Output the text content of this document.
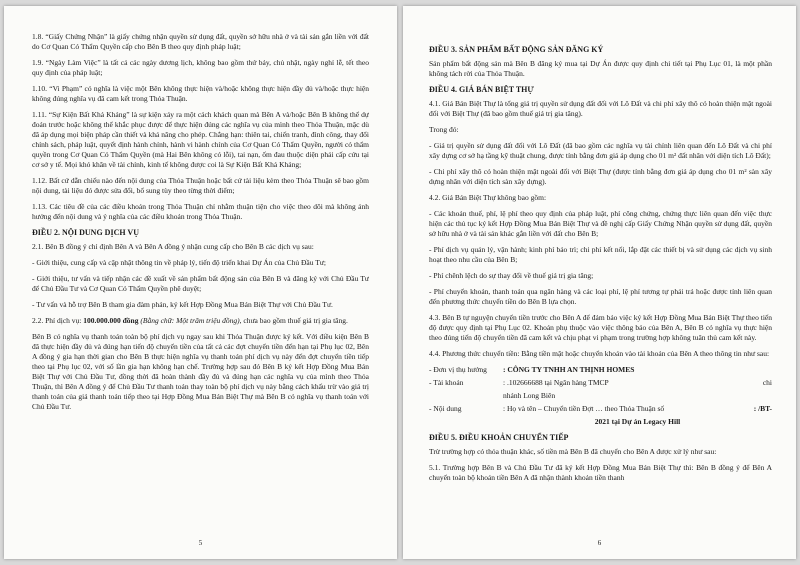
1.8. “Giấy Chứng Nhận” là giấy chứng nhận quyền sử dụng đất, quyền sở hữu nhà ở và tài sản gắn liền với đất do Cơ Quan Có Thẩm Quyền cấp cho Bên B theo quy định pháp luật;

1.9. “Ngày Làm Việc” là tất cả các ngày dương lịch, không bao gồm thứ bảy, chủ nhật, ngày nghỉ lễ, tết theo quy định của pháp luật;

1.10. “Vi Phạm” có nghĩa là việc một Bên không thực hiện và/hoặc không thực hiện đầy đủ và/hoặc thực hiện không đúng nghĩa vụ đã cam kết trong Thỏa Thuận.

1.11. “Sự Kiện Bất Khả Kháng” là sự kiện xảy ra một cách khách quan mà Bên A và/hoặc Bên B không thể dự đoán trước hoặc không thể khắc phục được để thực hiện đúng các nghĩa vụ của mình theo Thỏa Thuận, mặc dù đã áp dụng mọi biện pháp cần thiết và khả năng cho phép. Chẳng hạn: thiên tai, chiến tranh, đình công, thay đổi chính sách, pháp luật, quyết định hành chính, hành vi hành chính của Cơ Quan Có Thẩm Quyền, người có thẩm quyền trong Cơ Quan Có Thẩm Quyền (mà Hai Bên không có lỗi), tai nạn, ốm đau thuộc diện phải cấp cứu tại cơ sở y tế. Mọi khó khăn về tài chính, kinh tế không được coi là Sự Kiện Bất Khả Kháng;

1.12. Bất cứ dẫn chiếu nào đến nội dung của Thỏa Thuận hoặc bất cứ tài liệu kèm theo Thỏa Thuận sẽ bao gồm nội dung, tài liệu đó được sửa đổi, bổ sung tùy theo từng thời điểm;

1.13. Các tiêu đề của các điều khoản trong Thỏa Thuận chỉ nhằm thuận tiện cho việc theo dõi mà không ảnh hưởng đến nội dung và ý nghĩa của các điều khoản trong Thỏa Thuận.

ĐIỀU 2. NỘI DUNG DỊCH VỤ

2.1. Bên B đồng ý chỉ định Bên A và Bên A đồng ý nhận cung cấp cho Bên B các dịch vụ sau:

- Giới thiệu, cung cấp và cập nhật thông tin về pháp lý, tiến độ triển khai Dự Án của Chủ Đầu Tư;

- Giới thiệu, tư vấn và tiếp nhận các đề xuất về sản phẩm bất động sản của Bên B và đăng ký với Chủ Đầu Tư để Chủ Đầu Tư và Cơ Quan Có Thẩm Quyền phê duyệt;

- Tư vấn và hỗ trợ Bên B tham gia đàm phán, ký kết Hợp Đồng Mua Bán Biệt Thự với Chủ Đầu Tư.

2.2. Phí dịch vụ: 100.000.000 đồng (Bằng chữ: Một trăm triệu đồng), chưa bao gồm thuế giá trị gia tăng.

Bên B có nghĩa vụ thanh toán toàn bộ phí dịch vụ ngay sau khi Thỏa Thuận được ký kết. Với điều kiện Bên B đã thực hiện đầy đủ và đúng hạn tiến độ chuyển tiền của tất cả các đợt chuyển tiền đến hạn tại Phụ lục 02, Bên A đồng ý gia hạn thời gian cho Bên B thực hiện nghĩa vụ thanh toán phí dịch vụ này đến đợt chuyển tiền tiếp theo tại Phụ lục 02, với số lần gia hạn không hạn chế. Trường hợp sau đó Bên B ký kết Hợp Đồng Mua Bán Biệt Thự với Chủ Đầu Tư, đồng thời đã hoàn thành đầy đủ và đúng hạn các nghĩa vụ của mình theo Thỏa Thuận, thì Bên A đồng ý để Chủ Đầu Tư thanh toán thay toàn bộ phí dịch vụ này bằng cách khấu trừ vào giá trị thanh toán của giá thanh toán tiếp theo tại Hợp Đồng Mua Bán Biệt Thự mà Bên B có nghĩa vụ thanh toán với Chủ Đầu Tư.

5
ĐIỀU 3. SẢN PHẨM BẤT ĐỘNG SẢN ĐĂNG KÝ

Sản phẩm bất động sản mà Bên B đăng ký mua tại Dự Án được quy định chi tiết tại Phụ Lục 01, là một phần không tách rời của Thỏa Thuận.

ĐIỀU 4. GIÁ BÁN BIỆT THỰ

4.1. Giá Bán Biệt Thự là tổng giá trị quyền sử dụng đất đối với Lô Đất và chi phí xây thô có hoàn thiện mặt ngoài đối với Biệt Thự (đã bao gồm thuế giá trị gia tăng).

Trong đó:

- Giá trị quyền sử dụng đất đối với Lô Đất (đã bao gồm các nghĩa vụ tài chính liên quan đến Lô Đất và chi phí xây dựng cơ sở hạ tầng kỹ thuật chung, được tính bằng đơn giá áp dụng cho 01 m² đất nhân với diện tích Lô Đất);

- Chi phí xây thô có hoàn thiện mặt ngoài đối với Biệt Thự (được tính bằng đơn giá áp dụng cho 01 m² sàn xây dựng nhân với diện tích sàn xây dựng).

4.2. Giá Bán Biệt Thự không bao gồm:

- Các khoản thuế, phí, lệ phí theo quy định của pháp luật, phí công chứng, chứng thực liên quan đến việc thực hiện các thủ tục ký kết Hợp Đồng Mua Bán Biệt Thự và đề nghị cấp Giấy Chứng Nhận quyền sử dụng đất, quyền sở hữu nhà ở và tài sản khác gắn liền với đất cho Bên B;

- Phí dịch vụ quản lý, vận hành; kinh phí bảo trì; chi phí kết nối, lắp đặt các thiết bị và sử dụng các dịch vụ sinh hoạt theo nhu cầu của Bên B;

- Phí chênh lệch do sự thay đổi về thuế giá trị gia tăng;

- Phí chuyển khoản, thanh toán qua ngân hàng và các loại phí, lệ phí tương tự phải trả hoặc được tính liên quan đến phương thức chuyển tiền do Bên B lựa chọn.

4.3. Bên B tự nguyện chuyển tiền trước cho Bên A để đảm bảo việc ký kết Hợp Đồng Mua Bán Biệt Thự theo tiến độ được quy định tại Phụ Lục 02. Khoản phụ thuộc vào việc thông báo của Bên A, Bên B có nghĩa vụ thực hiện theo đúng tiến độ chuyển tiền đã cam kết và chịu phạt vi phạm trong trường hợp không tuân thủ cam kết này.

4.4. Phương thức chuyển tiền: Bằng tiền mặt hoặc chuyển khoản vào tài khoản của Bên A theo thông tin như sau:

- Đơn vị thụ hưởng	: CÔNG TY TNHH AN THỊNH HOMES
- Tài khoản	: .102666688 tại Ngân hàng TMCP	chi
nhánh Long Biên
- Nội dung	: Họ và tên – Chuyển tiền Đợt … theo Thỏa Thuận số	: /BT-
2021 tại Dự án Legacy Hill
ĐIỀU 5. ĐIỀU KHOẢN CHUYỂN TIẾP

Trừ trường hợp có thỏa thuận khác, số tiền mà Bên B đã chuyển cho Bên A được xử lý như sau:

5.1. Trường hợp Bên B và Chủ Đầu Tư đã ký kết Hợp Đồng Mua Bán Biệt Thự thì: Bên B đồng ý để Bên A chuyển toàn bộ khoản tiền Bên A đã nhận thành khoản tiền thanh

6
